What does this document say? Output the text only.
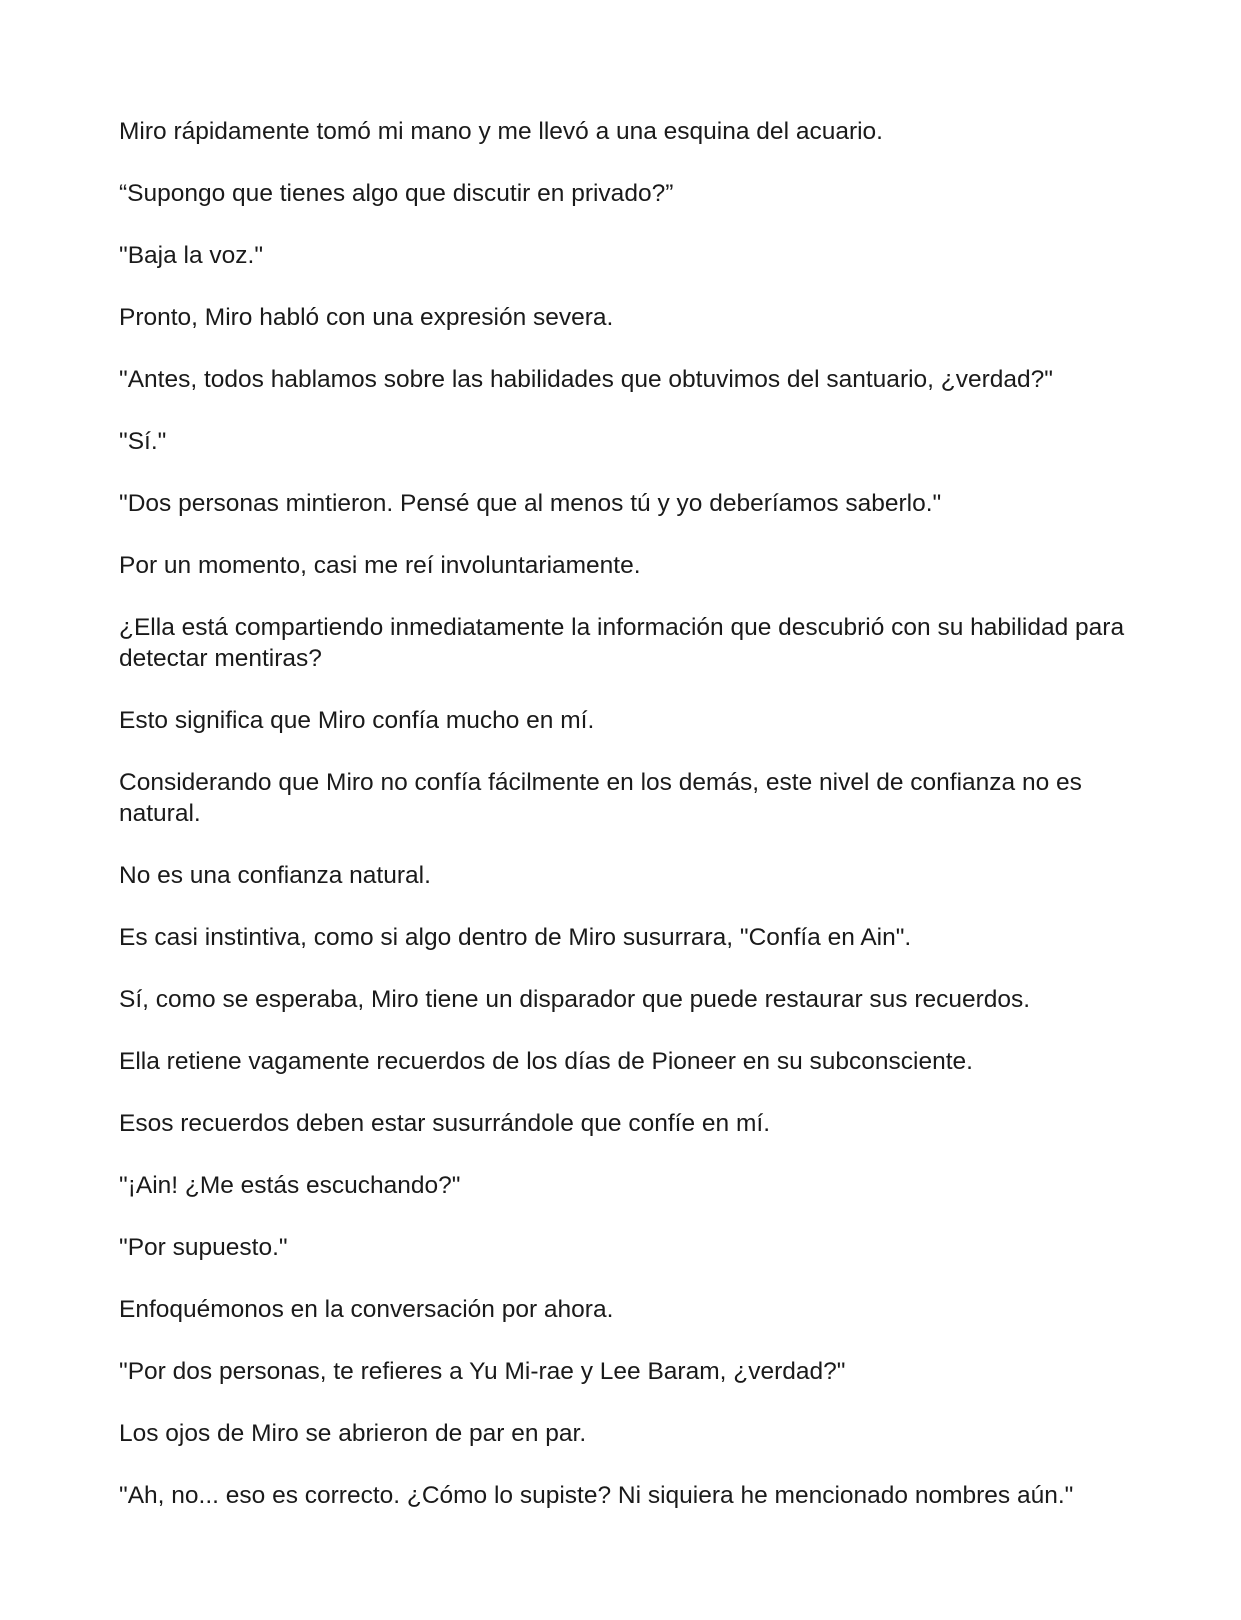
Miro rápidamente tomó mi mano y me llevó a una esquina del acuario.

“Supongo que tienes algo que discutir en privado?”

"Baja la voz."

Pronto, Miro habló con una expresión severa.

"Antes, todos hablamos sobre las habilidades que obtuvimos del santuario, ¿verdad?"

"Sí."

"Dos personas mintieron. Pensé que al menos tú y yo deberíamos saberlo."

Por un momento, casi me reí involuntariamente.

¿Ella está compartiendo inmediatamente la información que descubrió con su habilidad para detectar mentiras?

Esto significa que Miro confía mucho en mí.

Considerando que Miro no confía fácilmente en los demás, este nivel de confianza no es natural.

No es una confianza natural.

Es casi instintiva, como si algo dentro de Miro susurrara, "Confía en Ain".

Sí, como se esperaba, Miro tiene un disparador que puede restaurar sus recuerdos.

Ella retiene vagamente recuerdos de los días de Pioneer en su subconsciente.

Esos recuerdos deben estar susurrándole que confíe en mí.

"¡Ain! ¿Me estás escuchando?"

"Por supuesto."

Enfoquémonos en la conversación por ahora.

"Por dos personas, te refieres a Yu Mi-rae y Lee Baram, ¿verdad?"

Los ojos de Miro se abrieron de par en par.

"Ah, no... eso es correcto. ¿Cómo lo supiste? Ni siquiera he mencionado nombres aún."
